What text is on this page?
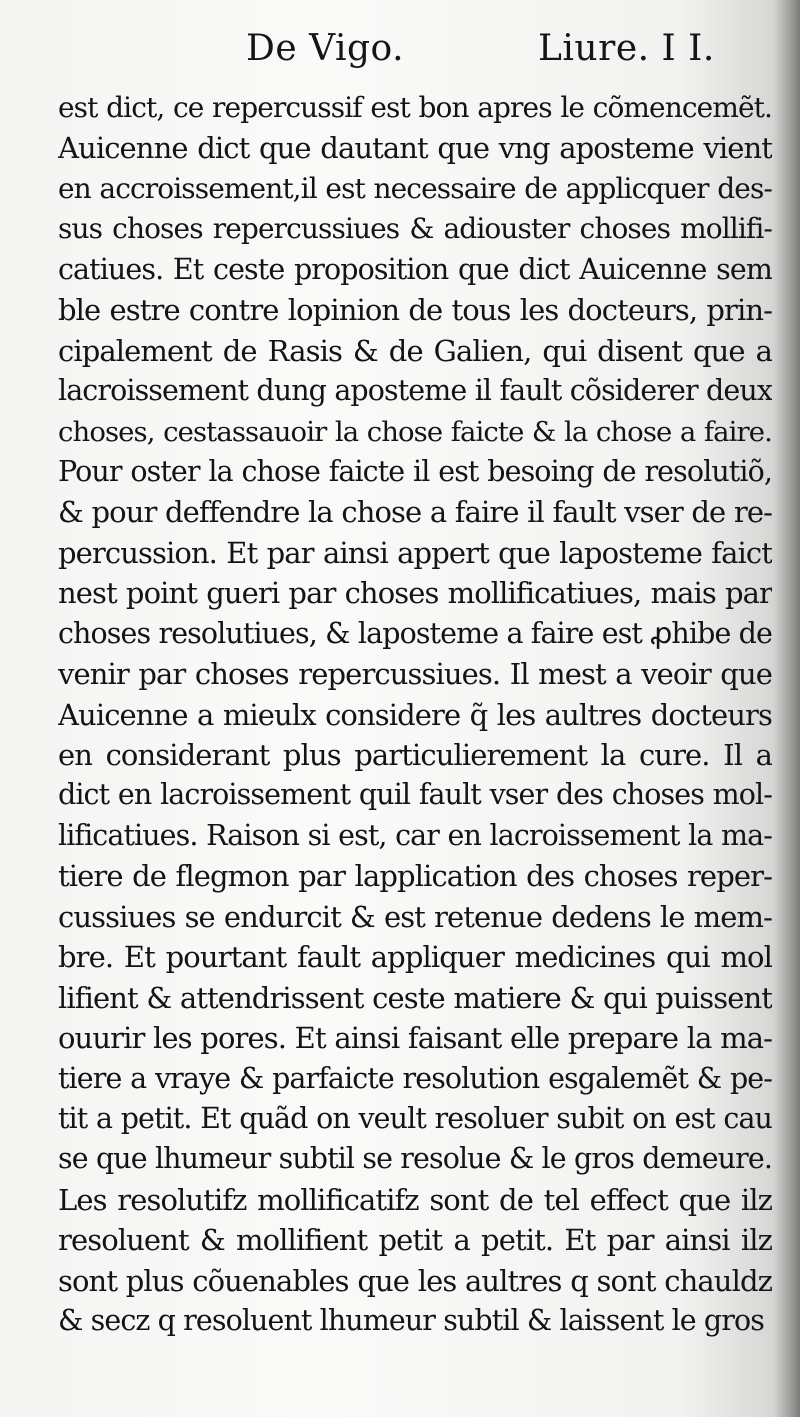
De Vigo.	Liure. I I.
est dict, ce repercussif est bon apres le cõmencemẽt.
Auicenne dict que dautant que vng aposteme vient
en accroissement,il est necessaire de applicquer des-
sus choses repercussiues & adiouster choses mollifi-
catiues. Et ceste proposition que dict Auicenne sem
ble estre contre lopinion de tous les docteurs, prin-
cipalement de Rasis & de Galien, qui disent que a
lacroissement dung aposteme il fault cõsiderer deux
choses, cestassauoir la chose faicte & la chose a faire.
Pour oster la chose faicte il est besoing de resolutiõ,
& pour deffendre la chose a faire il fault vser de re-
percussion. Et par ainsi appert que laposteme faict
nest point gueri par choses mollificatiues, mais par
choses resolutiues, & laposteme a faire est ꝓhibe de
venir par choses repercussiues. Il mest a veoir que
Auicenne a mieulx considere q̃ les aultres docteurs
en considerant plus particulierement la cure. Il a
dict en lacroissement quil fault vser des choses mol-
lificatiues. Raison si est, car en lacroissement la ma-
tiere de flegmon par lapplication des choses reper-
cussiues se endurcit & est retenue dedens le mem-
bre. Et pourtant fault appliquer medicines qui mol
lifient & attendrissent ceste matiere & qui puissent
ouurir les pores. Et ainsi faisant elle prepare la ma-
tiere a vraye & parfaicte resolution esgalemẽt & pe-
tit a petit. Et quãd on veult resoluer subit on est cau
se que lhumeur subtil se resolue & le gros demeure.
Les resolutifz mollificatifz sont de tel effect que ilz
resoluent & mollifient petit a petit. Et par ainsi ilz
sont plus cõuenables que les aultres q sont chauldz
& secz q resoluent lhumeur subtil & laissent le gros
